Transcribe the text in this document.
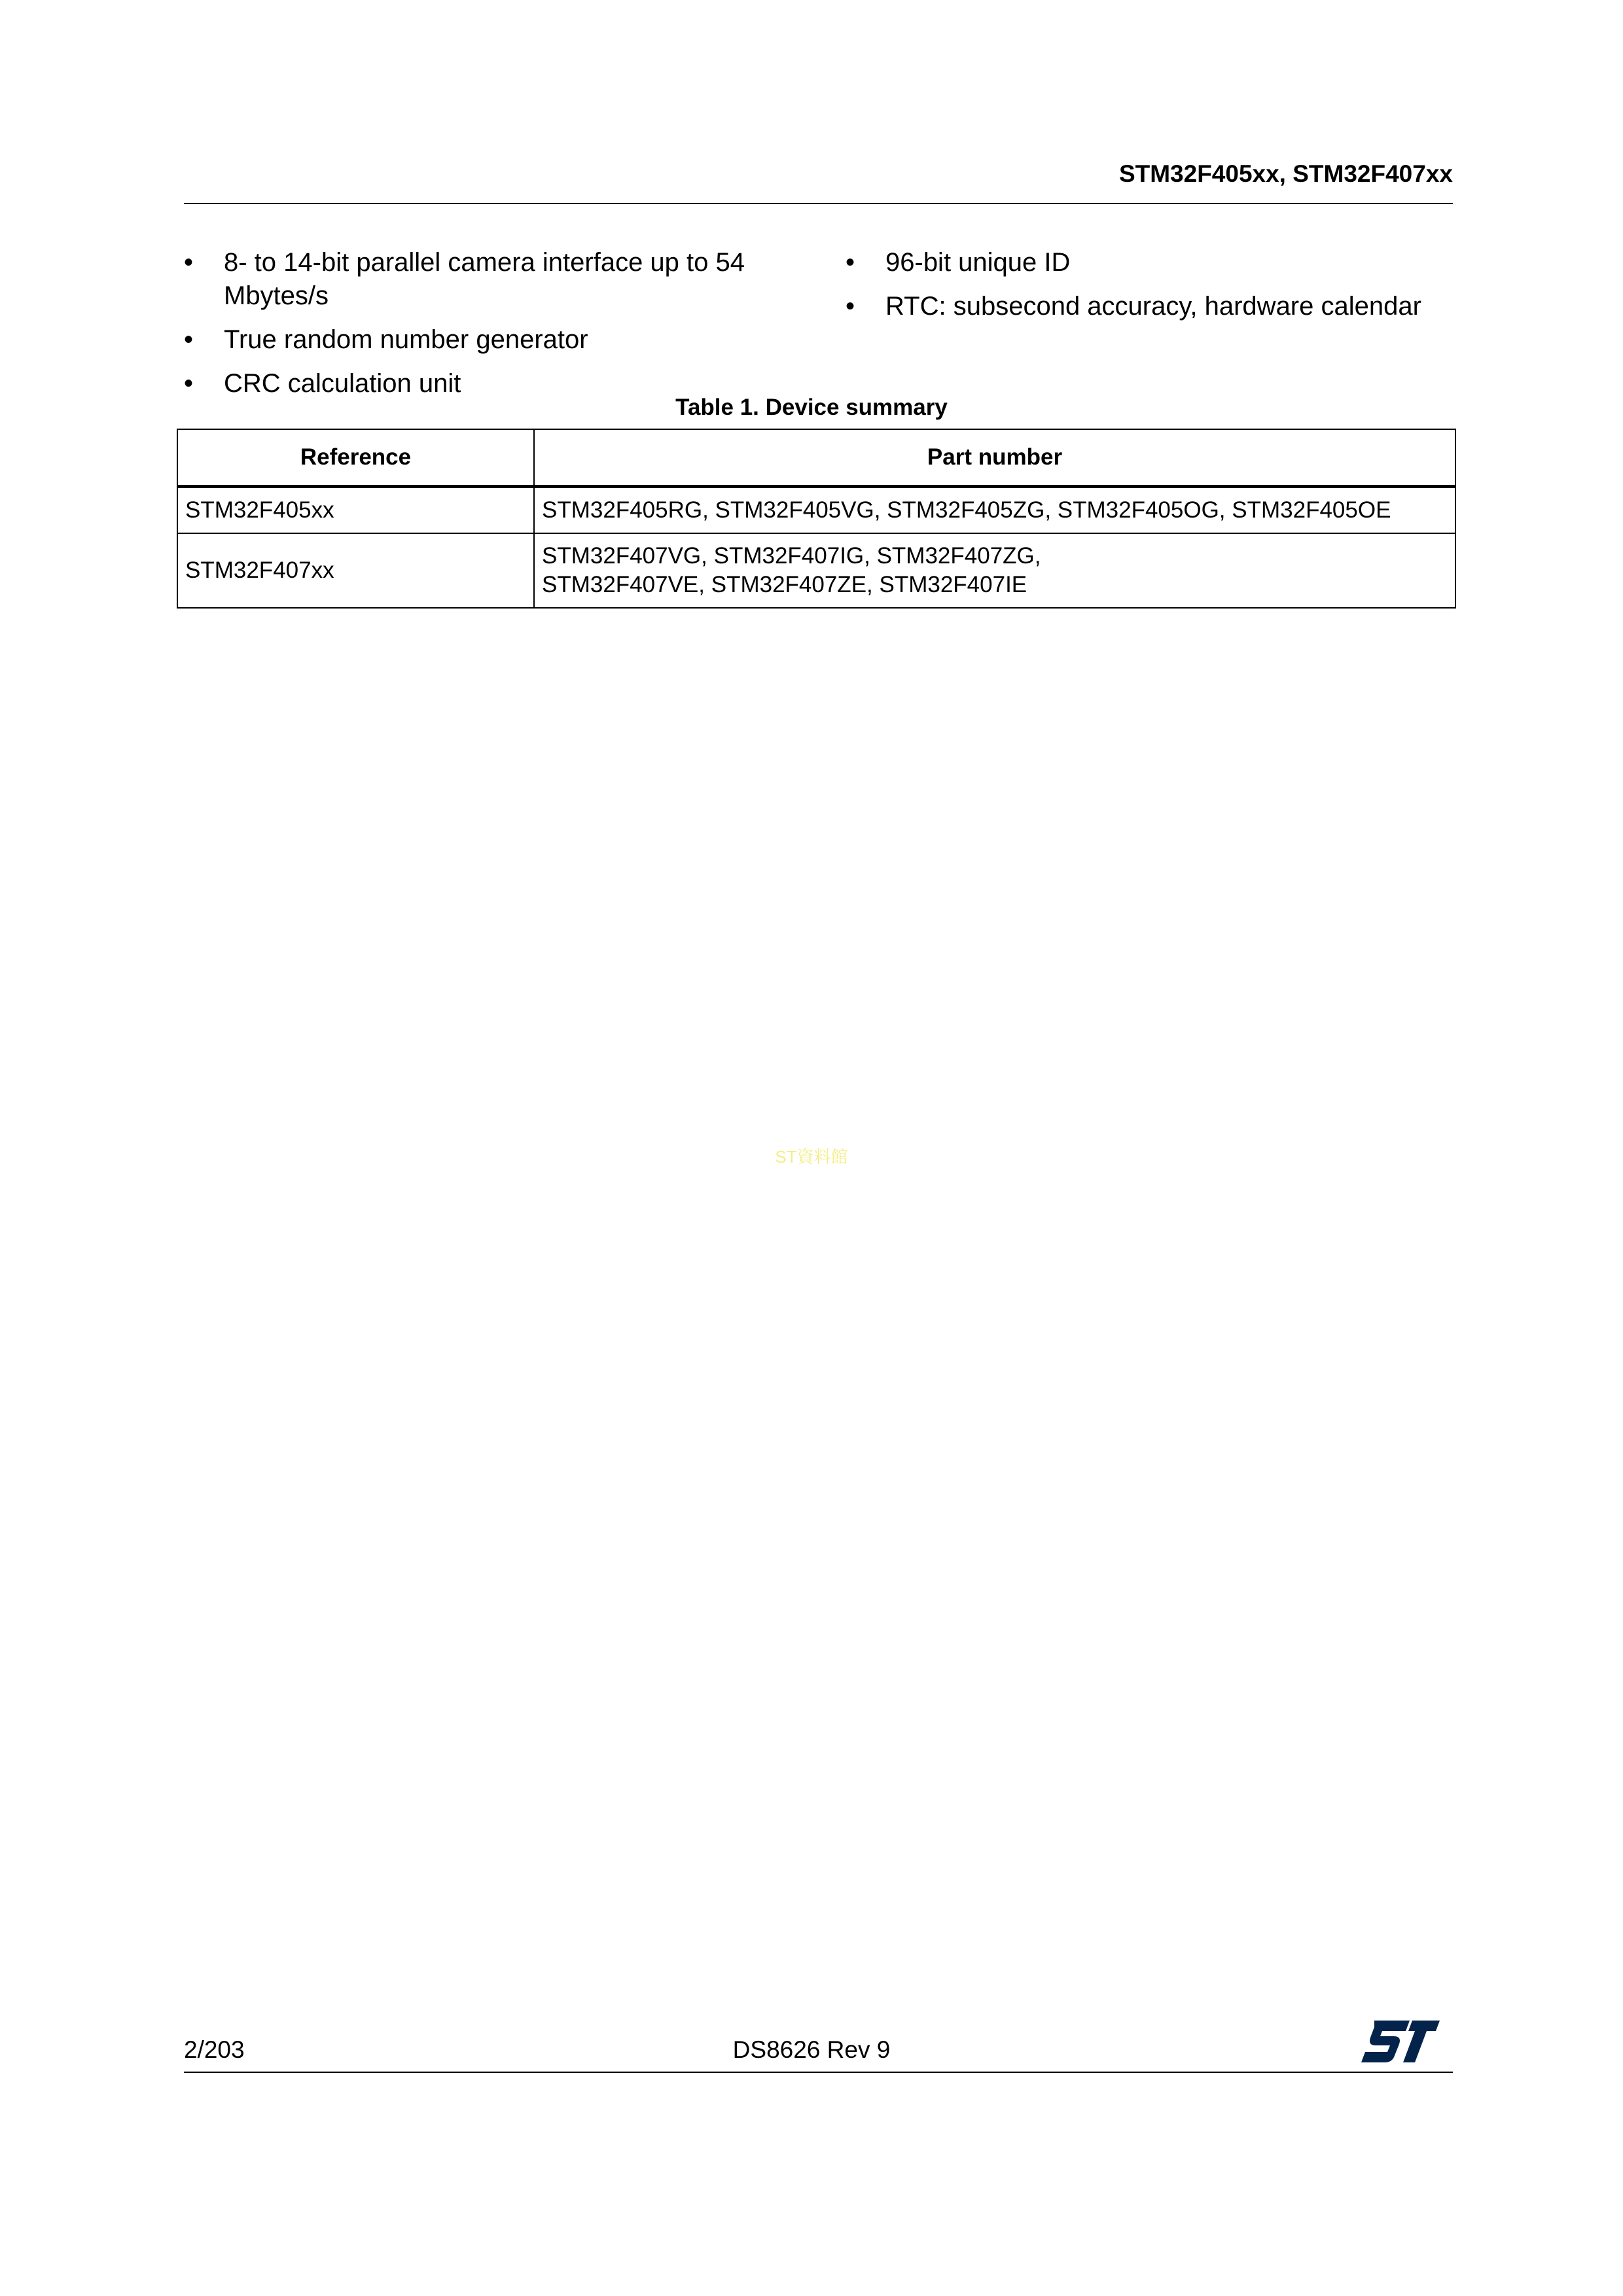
STM32F405xx, STM32F407xx
• 8- to 14-bit parallel camera interface up to 54 Mbytes/s
• True random number generator
• CRC calculation unit
• 96-bit unique ID
• RTC: subsecond accuracy, hardware calendar
Table 1. Device summary
Reference	Part number
STM32F405xx	STM32F405RG, STM32F405VG, STM32F405ZG, STM32F405OG, STM32F405OE

STM32F407xx	STM32F407VG, STM32F407IG, STM32F407ZG,
STM32F407VE, STM32F407ZE, STM32F407IE
ST資料館
2/203	DS8626 Rev 9
